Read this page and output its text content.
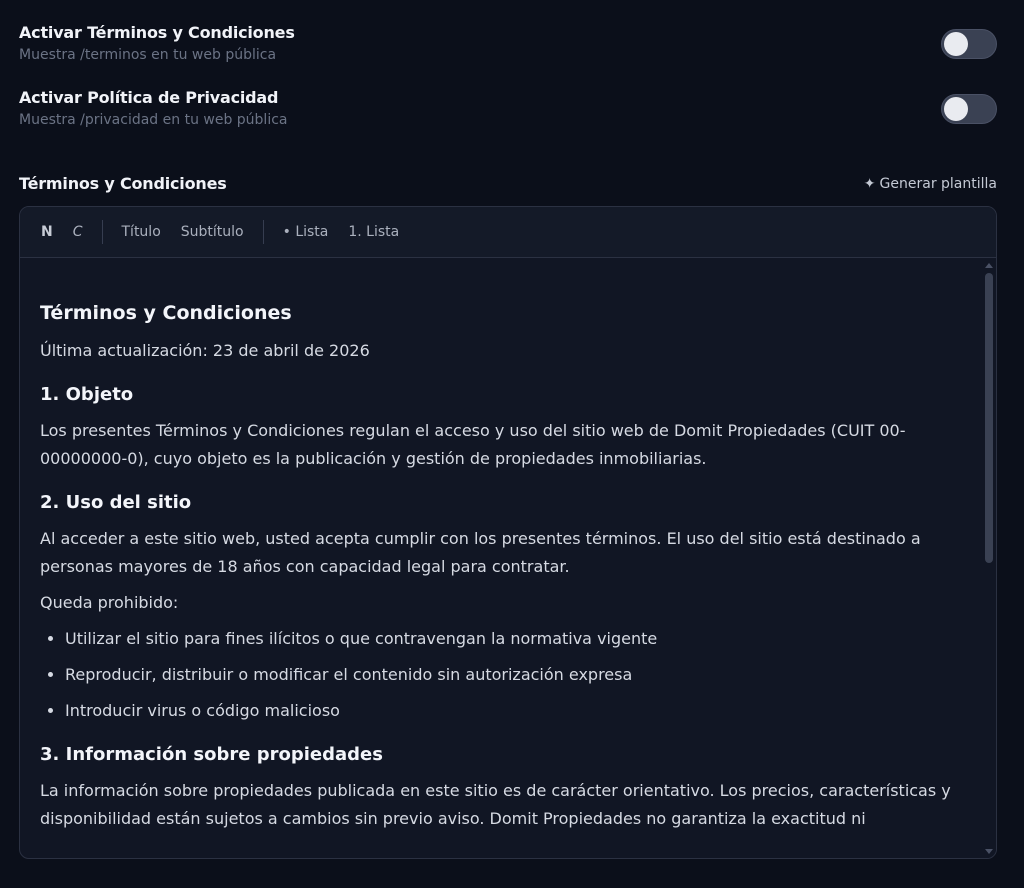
Activar Términos y Condiciones
Muestra /terminos en tu web pública
Activar Política de Privacidad
Muestra /privacidad en tu web pública
Términos y Condiciones	✦ Generar plantilla
N	C	Título	Subtítulo	• Lista	1. Lista
Términos y Condiciones

Última actualización: 23 de abril de 2026

1. Objeto

Los presentes Términos y Condiciones regulan el acceso y uso del sitio web de Domit Propiedades (CUIT 00-00000000-0), cuyo objeto es la publicación y gestión de propiedades inmobiliarias.

2. Uso del sitio

Al acceder a este sitio web, usted acepta cumplir con los presentes términos. El uso del sitio está destinado a personas mayores de 18 años con capacidad legal para contratar.

Queda prohibido:

• Utilizar el sitio para fines ilícitos o que contravengan la normativa vigente
• Reproducir, distribuir o modificar el contenido sin autorización expresa
• Introducir virus o código malicioso
3. Información sobre propiedades

La información sobre propiedades publicada en este sitio es de carácter orientativo. Los precios, características y disponibilidad están sujetos a cambios sin previo aviso. Domit Propiedades no garantiza la exactitud ni
